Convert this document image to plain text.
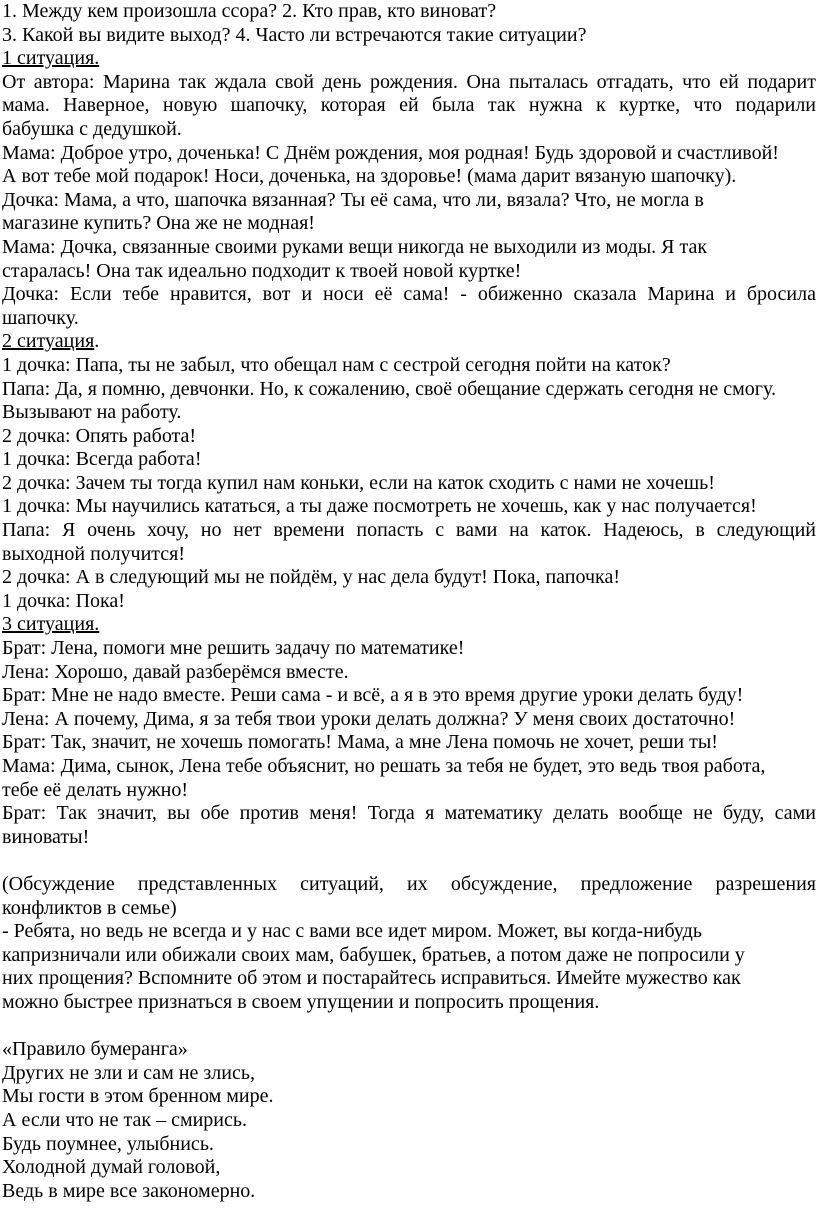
1. Между кем произошла ссора? 2. Кто прав, кто виноват?
3. Какой вы видите выход? 4. Часто ли встречаются такие ситуации?
1 ситуация.
От автора: Марина так ждала свой день рождения. Она пыталась отгадать, что ей подарит
мама. Наверное, новую шапочку, которая ей была так нужна к куртке, что подарили
бабушка с дедушкой.
Мама: Доброе утро, доченька! С Днём рождения, моя родная! Будь здоровой и счастливой!
А вот тебе мой подарок! Носи, доченька, на здоровье! (мама дарит вязаную шапочку).
Дочка: Мама, а что, шапочка вязанная? Ты её сама, что ли, вязала? Что, не могла в
магазине купить? Она же не модная!
Мама: Дочка, связанные своими руками вещи никогда не выходили из моды. Я так
старалась! Она так идеально подходит к твоей новой куртке!
Дочка: Если тебе нравится, вот и носи её сама! - обиженно сказала Марина и бросила
шапочку.
2 ситуация.
1 дочка: Папа, ты не забыл, что обещал нам с сестрой сегодня пойти на каток?
Папа: Да, я помню, девчонки. Но, к сожалению, своё обещание сдержать сегодня не смогу.
Вызывают на работу.
2 дочка: Опять работа!
1 дочка: Всегда работа!
2 дочка: Зачем ты тогда купил нам коньки, если на каток сходить с нами не хочешь!
1 дочка: Мы научились кататься, а ты даже посмотреть не хочешь, как у нас получается!
Папа: Я очень хочу, но нет времени попасть с вами на каток. Надеюсь, в следующий
выходной получится!
2 дочка: А в следующий мы не пойдём, у нас дела будут! Пока, папочка!
1 дочка: Пока!
3 ситуация.
Брат: Лена, помоги мне решить задачу по математике!
Лена: Хорошо, давай разберёмся вместе.
Брат: Мне не надо вместе. Реши сама - и всё, а я в это время другие уроки делать буду!
Лена: А почему, Дима, я за тебя твои уроки делать должна? У меня своих достаточно!
Брат: Так, значит, не хочешь помогать! Мама, а мне Лена помочь не хочет, реши ты!
Мама: Дима, сынок, Лена тебе объяснит, но решать за тебя не будет, это ведь твоя работа,
тебе её делать нужно!
Брат: Так значит, вы обе против меня! Тогда я математику делать вообще не буду, сами
виноваты!
(Обсуждение представленных ситуаций, их обсуждение, предложение разрешения
конфликтов в семье)
- Ребята, но ведь не всегда и у нас с вами все идет миром. Может, вы когда-нибудь
капризничали или обижали своих мам, бабушек, братьев, а потом даже не попросили у
них прощения? Вспомните об этом и постарайтесь исправиться. Имейте мужество как
можно быстрее признаться в своем упущении и попросить прощения.
«Правило бумеранга»
Других не зли и сам не злись,
Мы гости в этом бренном мире.
А если что не так – смирись.
Будь поумнее, улыбнись.
Холодной думай головой,
Ведь в мире все закономерно.
